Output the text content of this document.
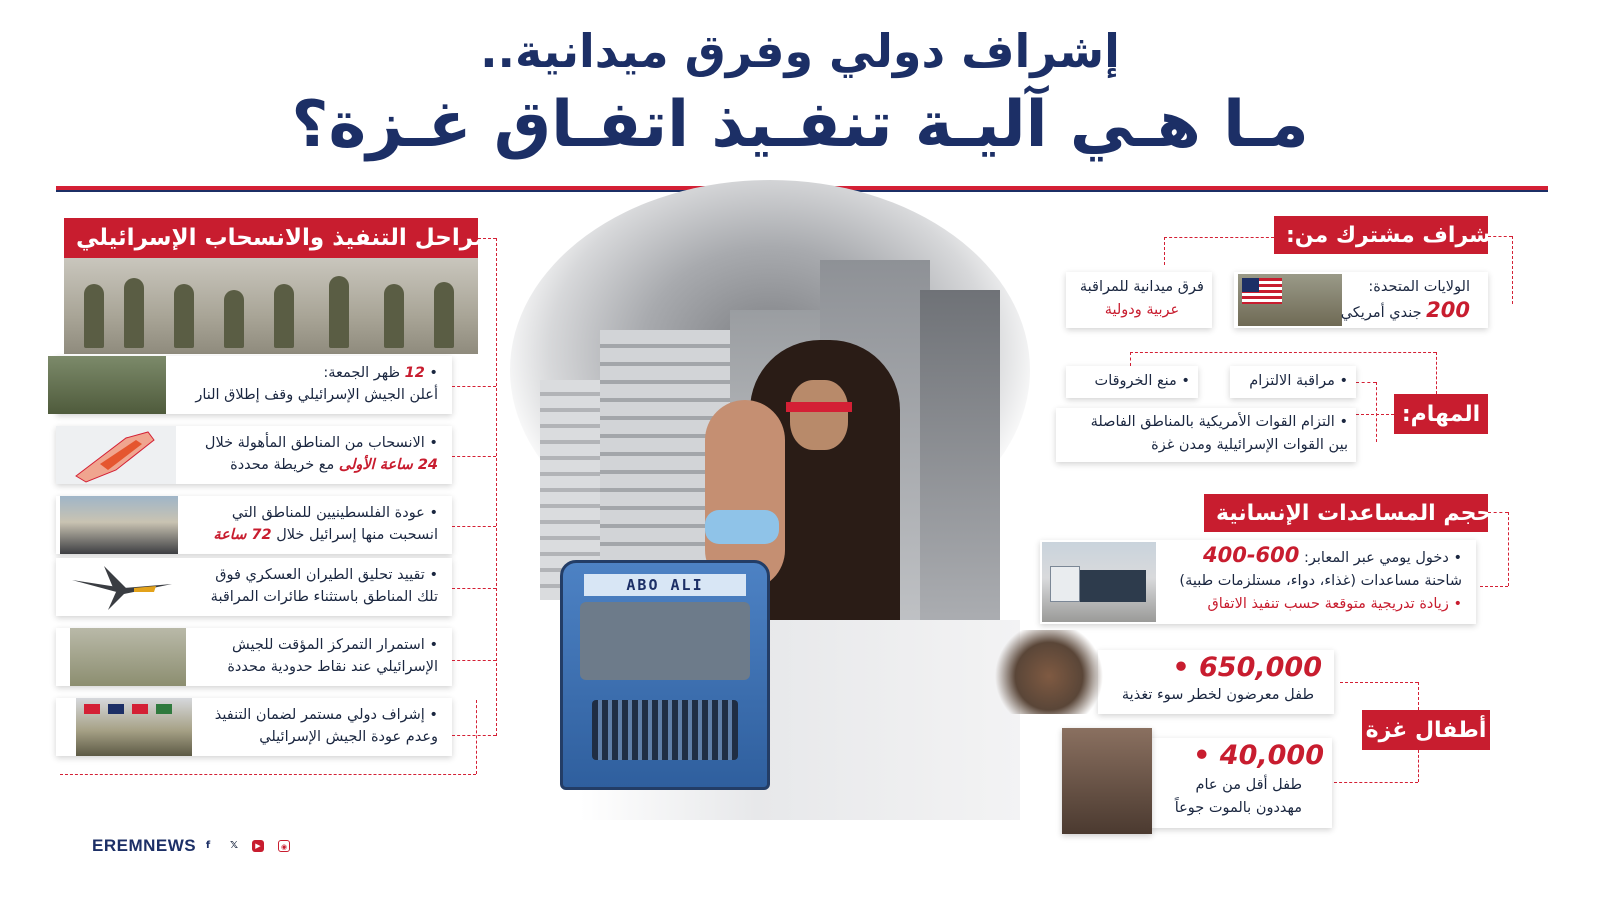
إشراف دولي وفرق ميدانية..
مـا هـي آليـة تنفـيذ اتفـاق غـزة؟
ABO ALI
مراحل التنفيذ والانسحاب الإسرائيلي
• 12 ظهر الجمعة:
أعلن الجيش الإسرائيلي وقف إطلاق النار
• الانسحاب من المناطق المأهولة خلال
24 ساعة الأولى مع خريطة محددة
• عودة الفلسطينيين للمناطق التي
انسحبت منها إسرائيل خلال 72 ساعة
• تقييد تحليق الطيران العسكري فوق
تلك المناطق باستثناء طائرات المراقبة
• استمرار التمركز المؤقت للجيش
الإسرائيلي عند نقاط حدودية محددة
• إشراف دولي مستمر لضمان التنفيذ
وعدم عودة الجيش الإسرائيلي
إشراف مشترك من:
الولايات المتحدة:
200 جندي أمريكي
فرق ميدانية للمراقبة
عربية ودولية
المهام:
• مراقبة الالتزام
• منع الخروقات
• التزام القوات الأمريكية بالمناطق الفاصلة
بين القوات الإسرائيلية ومدن غزة
حجم المساعدات الإنسانية
• دخول يومي عبر المعابر: 600-400
شاحنة مساعدات (غذاء، دواء، مستلزمات طبية)
• زيادة تدريجية متوقعة حسب تنفيذ الاتفاق
أطفال غزة
650,000 •
طفل معرضون لخطر سوء تغذية
40,000 •
طفل أقل من عام
مهددون بالموت جوعاً
EREMNEWS f	𝕏	▶	◉
